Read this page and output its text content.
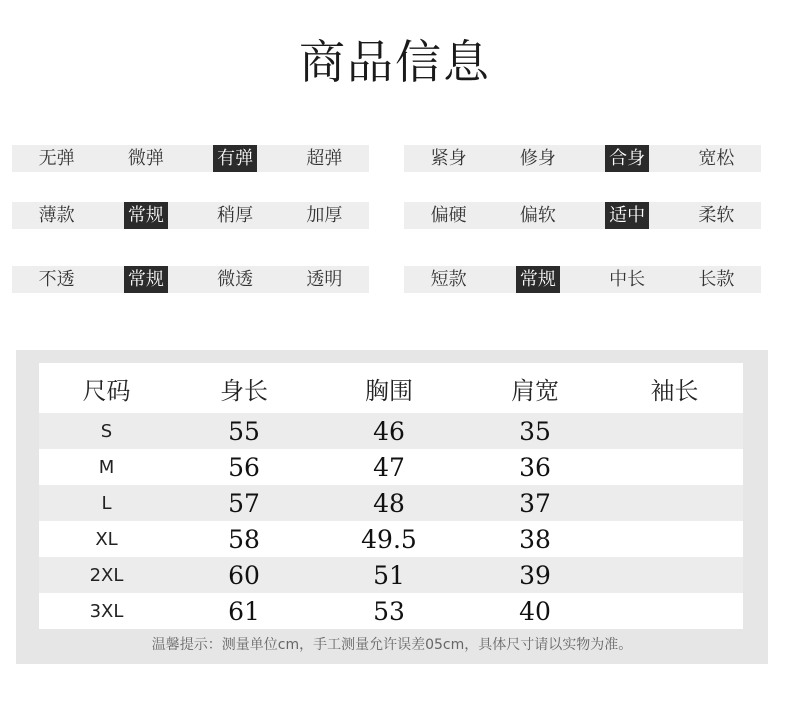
商品信息
无弹	微弹	有弹	超弹
薄款	常规	稍厚	加厚
不透	常规	微透	透明
紧身	修身	合身	宽松
偏硬	偏软	适中	柔软
短款	常规	中长	长款
尺码	身长	胸围	肩宽	袖长
S	55	46	35
M	56	47	36
L	57	48	37
XL	58	49.5	38
2XL	60	51	39
3XL	61	53	40
温馨提示：测量单位cm，手工测量允许误差05cm，具体尺寸请以实物为准。
